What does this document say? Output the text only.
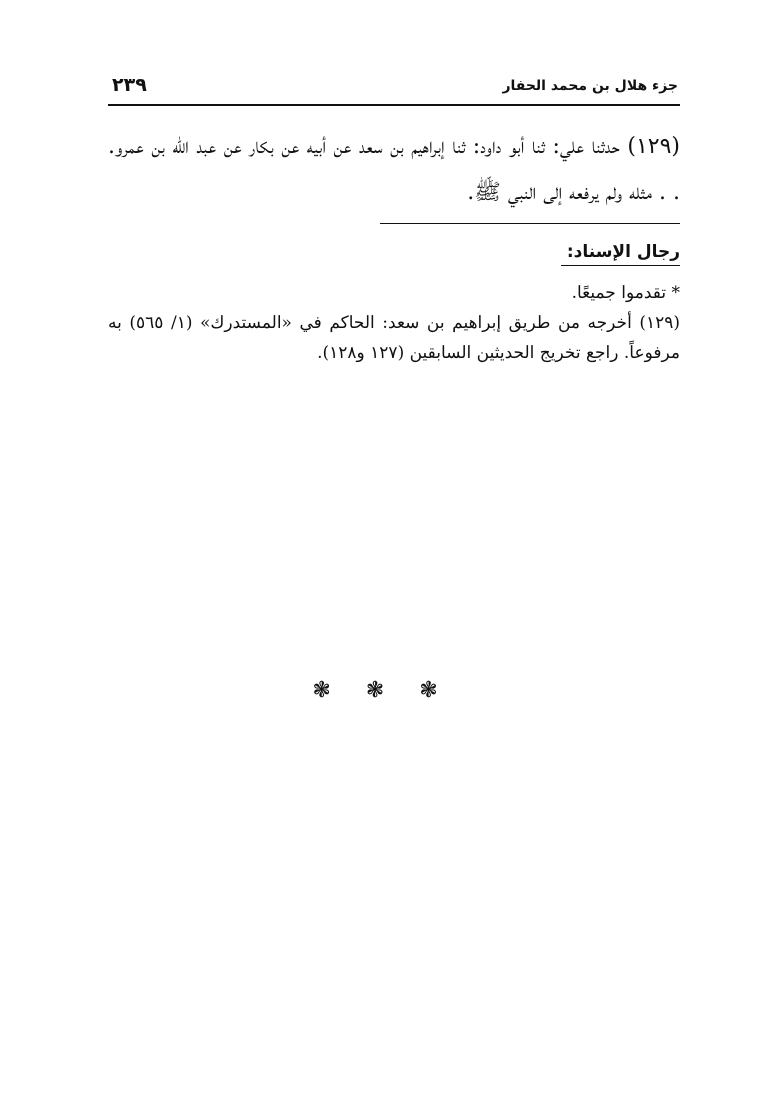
جزء هلال بن محمد الحفار
٢٣٩
(١٢٩) حدثنا علي: ثنا أبو داود: ثنا إبراهيم بن سعد عن أبيه عن بكار عن عبد الله بن عمرو. . . مثله ولم يرفعه إلى النبي ﷺ.
رجال الإسناد:

* تقدموا جميعًا.

(١٢٩) أخرجه من طريق إبراهيم بن سعد: الحاكم في «المستدرك» (١/ ٥٦٥) به مرفوعاً. راجع تخريج الحديثين السابقين (١٢٧ و١٢٨).

❃ ❃ ❃
